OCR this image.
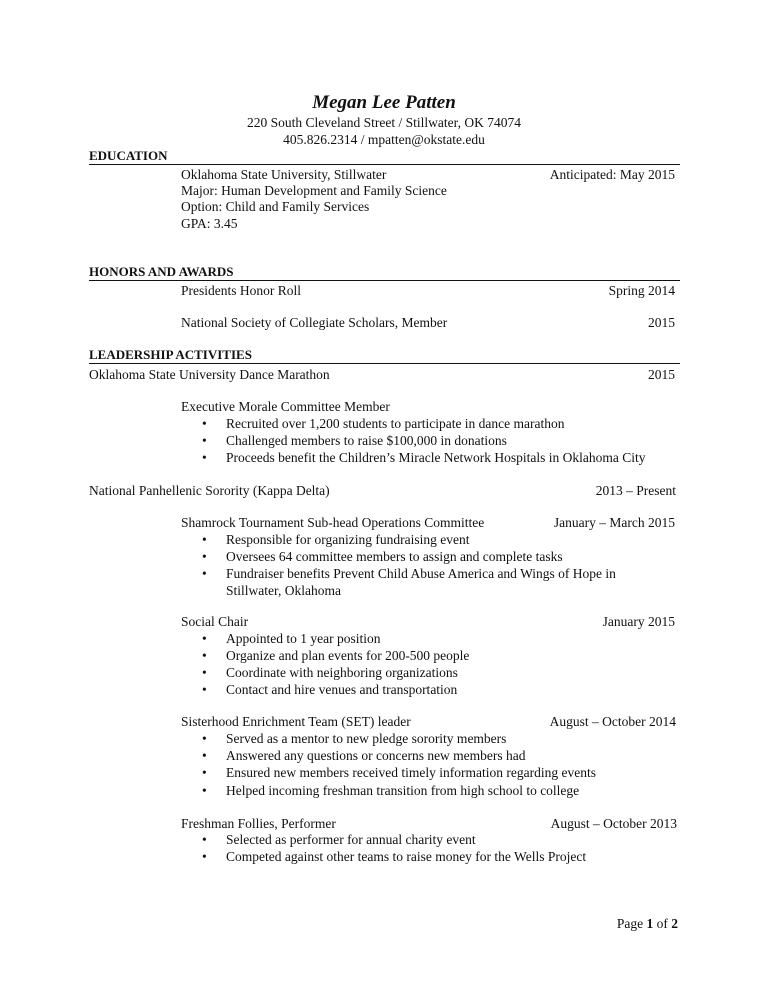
Megan Lee Patten
220 South Cleveland Street / Stillwater, OK 74074
405.826.2314 / mpatten@okstate.edu
EDUCATION
Oklahoma State University, Stillwater	Anticipated: May 2015
Major: Human Development and Family Science
Option: Child and Family Services
GPA: 3.45
HONORS AND AWARDS
Presidents Honor Roll	Spring 2014
National Society of Collegiate Scholars, Member	2015
LEADERSHIP ACTIVITIES
Oklahoma State University Dance Marathon	2015
Executive Morale Committee Member
• Recruited over 1,200 students to participate in dance marathon
• Challenged members to raise $100,000 in donations
• Proceeds benefit the Children’s Miracle Network Hospitals in Oklahoma City
National Panhellenic Sorority (Kappa Delta)	2013 – Present
Shamrock Tournament Sub-head Operations Committee	January – March 2015
• Responsible for organizing fundraising event
• Oversees 64 committee members to assign and complete tasks
• Fundraiser benefits Prevent Child Abuse America and Wings of Hope in
Stillwater, Oklahoma
Social Chair	January 2015
• Appointed to 1 year position
• Organize and plan events for 200-500 people
• Coordinate with neighboring organizations
• Contact and hire venues and transportation
Sisterhood Enrichment Team (SET) leader	August – October 2014
• Served as a mentor to new pledge sorority members
• Answered any questions or concerns new members had
• Ensured new members received timely information regarding events
• Helped incoming freshman transition from high school to college
Freshman Follies, Performer	August – October 2013
• Selected as performer for annual charity event
• Competed against other teams to raise money for the Wells Project
Page 1 of 2
